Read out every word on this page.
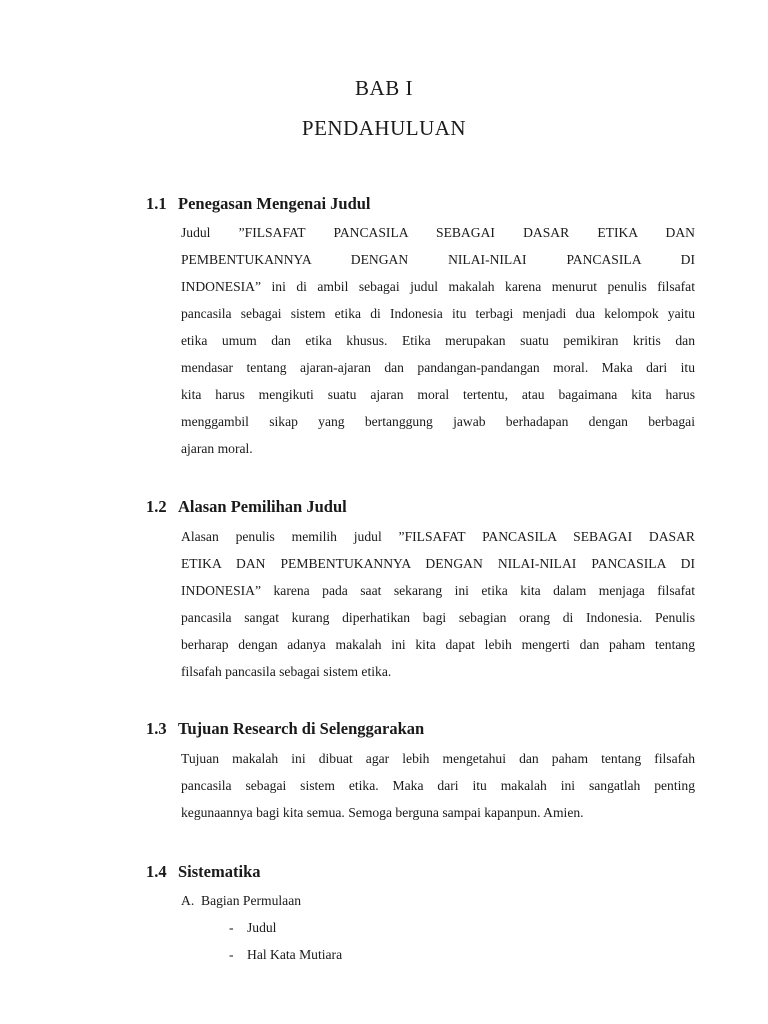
BAB I
PENDAHULUAN
1.1 Penegasan Mengenai Judul
Judul ”FILSAFAT PANCASILA SEBAGAI DASAR ETIKA DAN
PEMBENTUKANNYA DENGAN NILAI-NILAI PANCASILA DI
INDONESIA” ini di ambil sebagai judul makalah karena menurut penulis filsafat
pancasila sebagai sistem etika di Indonesia itu terbagi menjadi dua kelompok yaitu
etika umum dan etika khusus. Etika merupakan suatu pemikiran kritis dan
mendasar tentang ajaran-ajaran dan pandangan-pandangan moral. Maka dari itu
kita harus mengikuti suatu ajaran moral tertentu, atau bagaimana kita harus
menggambil sikap yang bertanggung jawab berhadapan dengan berbagai
ajaran moral.
1.2 Alasan Pemilihan Judul
Alasan penulis memilih judul ”FILSAFAT PANCASILA SEBAGAI DASAR
ETIKA DAN PEMBENTUKANNYA DENGAN NILAI-NILAI PANCASILA DI
INDONESIA” karena pada saat sekarang ini etika kita dalam menjaga filsafat
pancasila sangat kurang diperhatikan bagi sebagian orang di Indonesia. Penulis
berharap dengan adanya makalah ini kita dapat lebih mengerti dan paham tentang
filsafah pancasila sebagai sistem etika.
1.3 Tujuan Research di Selenggarakan
Tujuan makalah ini dibuat agar lebih mengetahui dan paham tentang filsafah
pancasila sebagai sistem etika. Maka dari itu makalah ini sangatlah penting
kegunaannya bagi kita semua. Semoga berguna sampai kapanpun. Amien.
1.4 Sistematika
A. Bagian Permulaan
- Judul
- Hal Kata Mutiara
